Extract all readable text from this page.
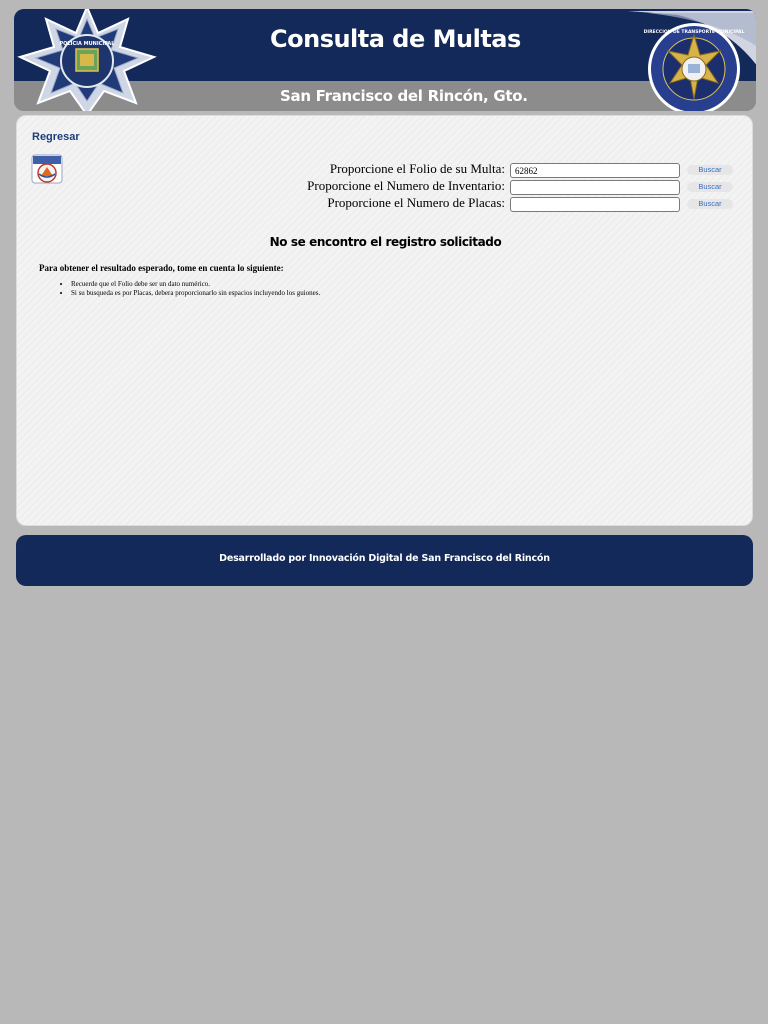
POLICIA MUNICIPAL	Consulta de Multas
San Francisco del Rincón, Gto.
DIRECCION DE TRANSPORTE MUNICIPAL
Regresar
Proporcione el Folio de su Multa:
62862	Buscar
Proporcione el Numero de Inventario:	Buscar
Proporcione el Numero de Placas:	Buscar
No se encontro el registro solicitado
Para obtener el resultado esperado, tome en cuenta lo siguiente:
• Recuerde que el Folio debe ser un dato numérico.
• Si su busqueda es por Placas, debera proporcionarlo sin espacios incluyendo los guiones.
Desarrollado por Innovación Digital de San Francisco del Rincón
